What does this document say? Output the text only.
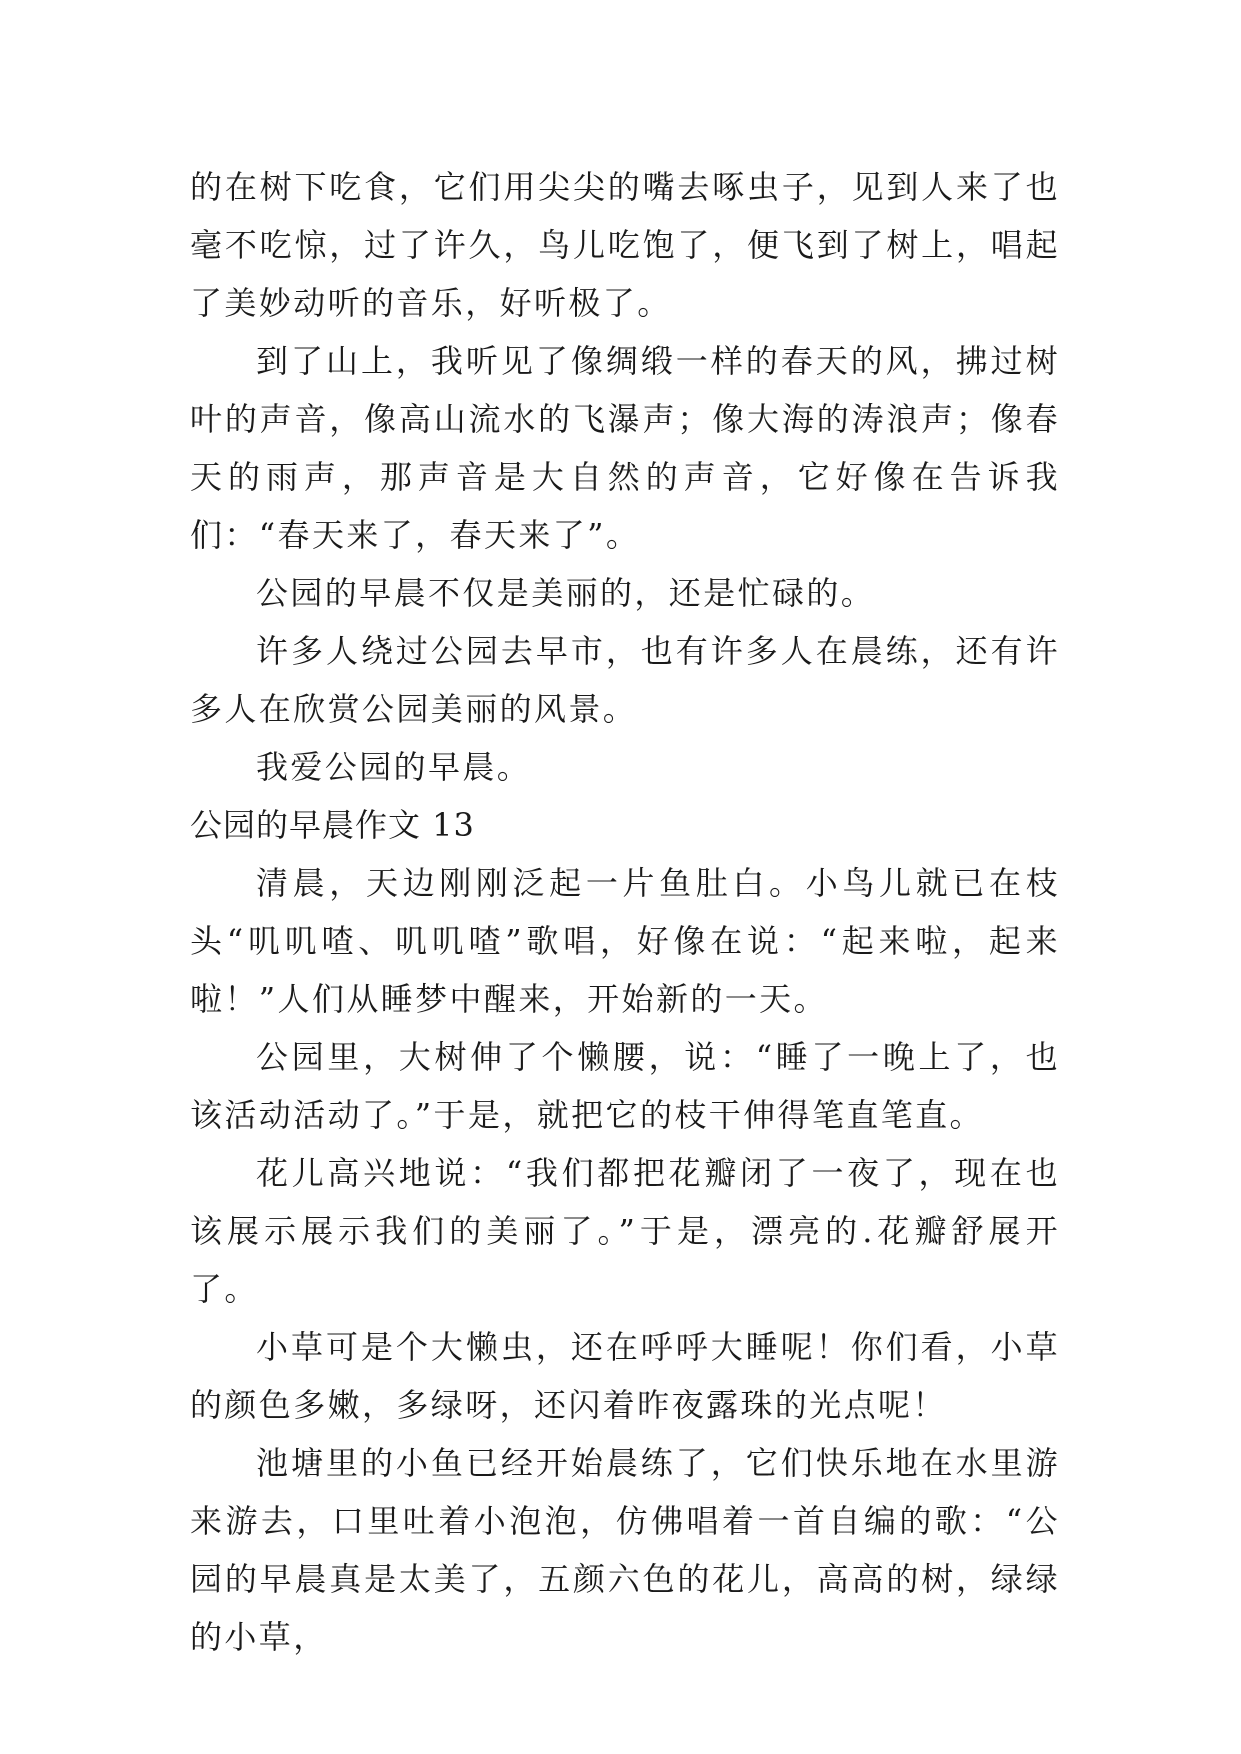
的在树下吃食，它们用尖尖的嘴去啄虫子，见到人来了也毫不吃惊，过了许久，鸟儿吃饱了，便飞到了树上，唱起了美妙动听的音乐，好听极了。

到了山上，我听见了像绸缎一样的春天的风，拂过树叶的声音，像高山流水的飞瀑声；像大海的涛浪声；像春天的雨声，那声音是大自然的声音，它好像在告诉我们：“春天来了，春天来了”。

公园的早晨不仅是美丽的，还是忙碌的。

许多人绕过公园去早市，也有许多人在晨练，还有许多人在欣赏公园美丽的风景。

我爱公园的早晨。

公园的早晨作文 13

清晨，天边刚刚泛起一片鱼肚白。小鸟儿就已在枝头“叽叽喳、叽叽喳”歌唱，好像在说：“起来啦，起来啦！”人们从睡梦中醒来，开始新的一天。

公园里，大树伸了个懒腰，说：“睡了一晚上了，也该活动活动了。”于是，就把它的枝干伸得笔直笔直。

花儿高兴地说：“我们都把花瓣闭了一夜了，现在也该展示展示我们的美丽了。”于是，漂亮的.花瓣舒展开了。

小草可是个大懒虫，还在呼呼大睡呢！你们看，小草的颜色多嫩，多绿呀，还闪着昨夜露珠的光点呢！

池塘里的小鱼已经开始晨练了，它们快乐地在水里游来游去，口里吐着小泡泡，仿佛唱着一首自编的歌：“公园的早晨真是太美了，五颜六色的花儿，高高的树，绿绿的小草，
